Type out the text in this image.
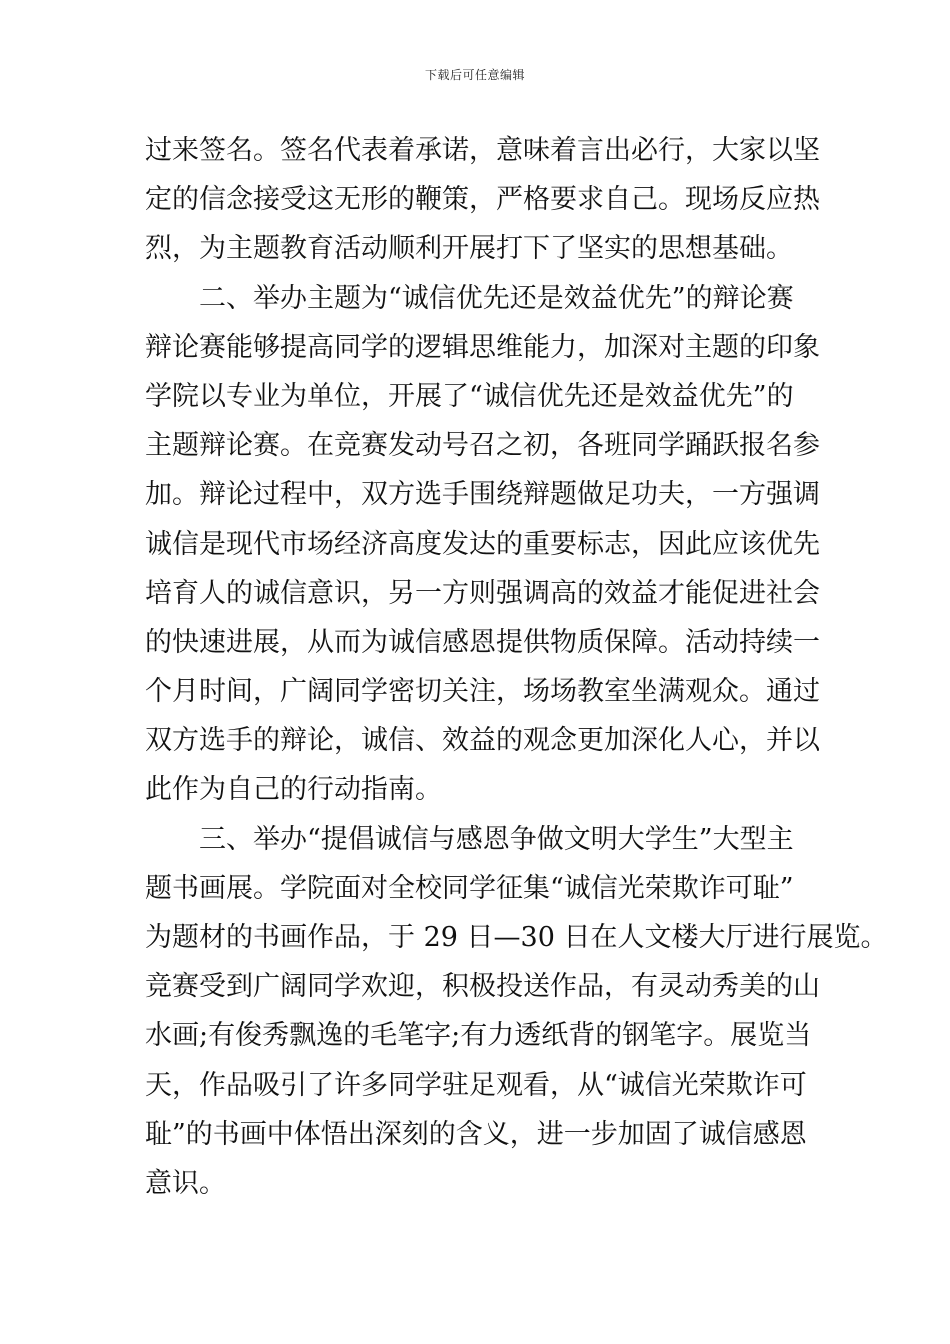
下载后可任意编辑
过来签名。签名代表着承诺，意味着言出必行，大家以坚
定的信念接受这无形的鞭策，严格要求自己。现场反应热
烈，为主题教育活动顺利开展打下了坚实的思想基础。
二、举办主题为“诚信优先还是效益优先”的辩论赛
辩论赛能够提高同学的逻辑思维能力，加深对主题的印象
学院以专业为单位，开展了“诚信优先还是效益优先”的
主题辩论赛。在竞赛发动号召之初，各班同学踊跃报名参
加。辩论过程中，双方选手围绕辩题做足功夫，一方强调
诚信是现代市场经济高度发达的重要标志，因此应该优先
培育人的诚信意识，另一方则强调高的效益才能促进社会
的快速进展，从而为诚信感恩提供物质保障。活动持续一
个月时间，广阔同学密切关注，场场教室坐满观众。通过
双方选手的辩论，诚信、效益的观念更加深化人心，并以
此作为自己的行动指南。
三、举办“提倡诚信与感恩争做文明大学生”大型主
题书画展。学院面对全校同学征集“诚信光荣欺诈可耻”
为题材的书画作品，于 29 日—30 日在人文楼大厅进行展览。
竞赛受到广阔同学欢迎，积极投送作品，有灵动秀美的山
水画;有俊秀飘逸的毛笔字;有力透纸背的钢笔字。展览当
天，作品吸引了许多同学驻足观看，从“诚信光荣欺诈可
耻”的书画中体悟出深刻的含义，进一步加固了诚信感恩
意识。
